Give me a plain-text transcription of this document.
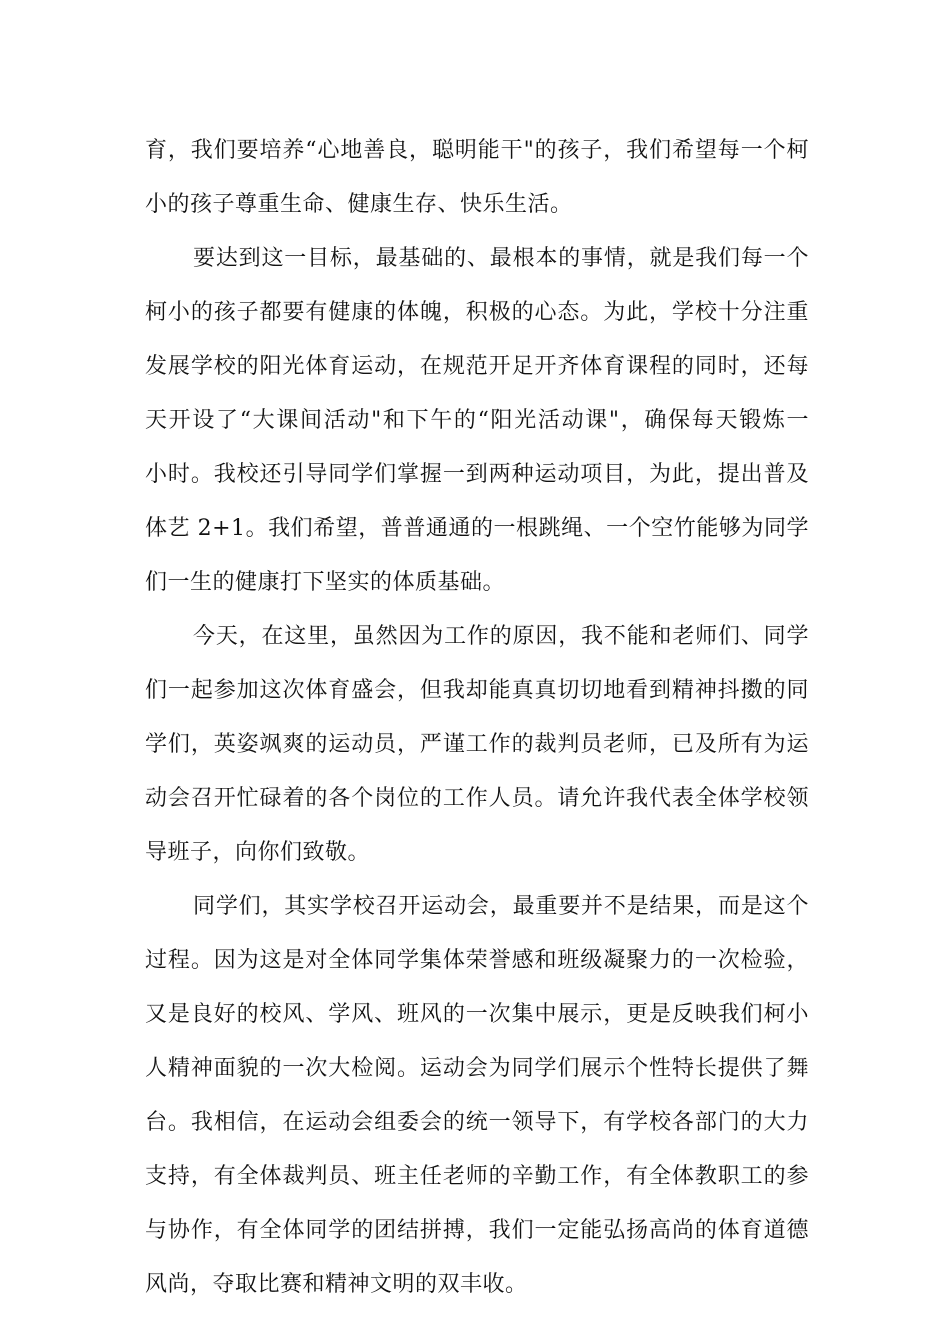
育，我们要培养“心地善良，聪明能干"的孩子，我们希望每一个柯
小的孩子尊重生命、健康生存、快乐生活。
要达到这一目标，最基础的、最根本的事情，就是我们每一个
柯小的孩子都要有健康的体魄，积极的心态。为此，学校十分注重
发展学校的阳光体育运动，在规范开足开齐体育课程的同时，还每
天开设了“大课间活动"和下午的“阳光活动课"，确保每天锻炼一
小时。我校还引导同学们掌握一到两种运动项目，为此，提出普及
体艺 2+1。我们希望，普普通通的一根跳绳、一个空竹能够为同学
们一生的健康打下坚实的体质基础。
今天，在这里，虽然因为工作的原因，我不能和老师们、同学
们一起参加这次体育盛会，但我却能真真切切地看到精神抖擞的同
学们，英姿飒爽的运动员，严谨工作的裁判员老师，已及所有为运
动会召开忙碌着的各个岗位的工作人员。请允许我代表全体学校领
导班子，向你们致敬。
同学们，其实学校召开运动会，最重要并不是结果，而是这个
过程。因为这是对全体同学集体荣誉感和班级凝聚力的一次检验，
又是良好的校风、学风、班风的一次集中展示，更是反映我们柯小
人精神面貌的一次大检阅。运动会为同学们展示个性特长提供了舞
台。我相信，在运动会组委会的统一领导下，有学校各部门的大力
支持，有全体裁判员、班主任老师的辛勤工作，有全体教职工的参
与协作，有全体同学的团结拼搏，我们一定能弘扬高尚的体育道德
风尚，夺取比赛和精神文明的双丰收。
